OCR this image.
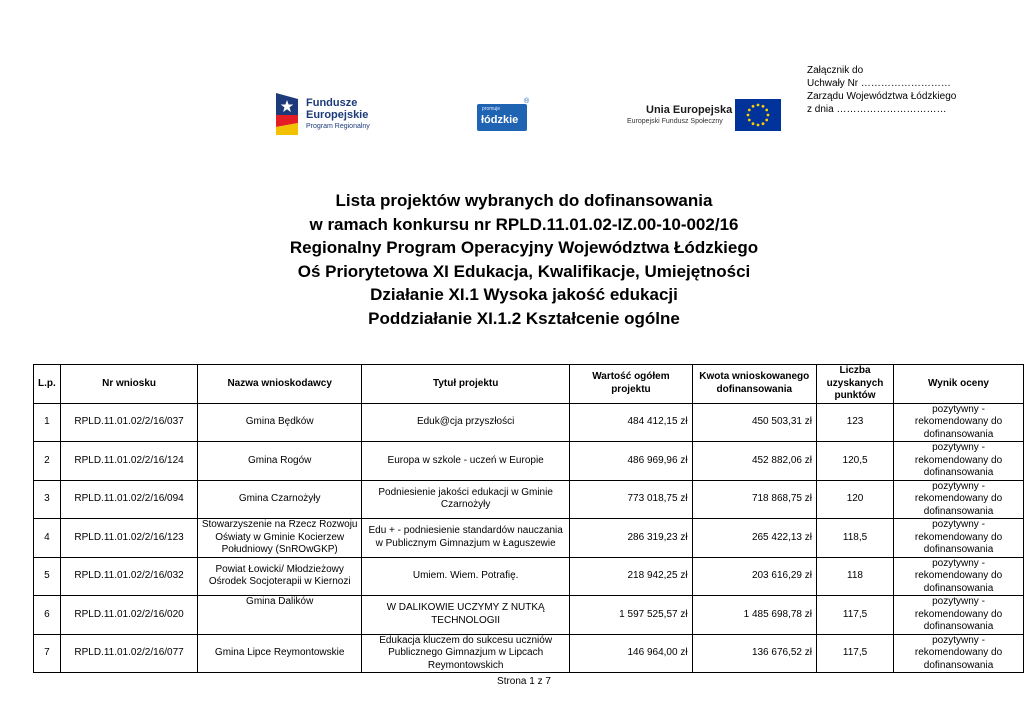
Załącznik do
Uchwały Nr ………………………
Zarządu Województwa Łódzkiego
z dnia ……………………………
Fundusze
Europejskie
Program Regionalny
promuje
łódzkie
®
Unia Europejska
Europejski Fundusz Społeczny
Lista projektów wybranych do dofinansowania
w ramach konkursu nr RPLD.11.01.02-IZ.00-10-002/16
Regionalny Program Operacyjny Województwa Łódzkiego
Oś Priorytetowa XI Edukacja, Kwalifikacje, Umiejętności
Działanie XI.1 Wysoka jakość edukacji
Poddziałanie XI.1.2 Kształcenie ogólne
L.p.	Nr wniosku	Nazwa wnioskodawcy	Tytuł projektu	Wartość ogółem projektu	Kwota wnioskowanego dofinansowania	Liczba uzyskanych punktów	Wynik oceny
1	RPLD.11.01.02/2/16/037	Gmina Będków	Eduk@cja przyszłości	484 412,15 zł	450 503,31 zł	123	pozytywny - rekomendowany do dofinansowania
2	RPLD.11.01.02/2/16/124	Gmina Rogów	Europa w szkole - uczeń w Europie	486 969,96 zł	452 882,06 zł	120,5	pozytywny - rekomendowany do dofinansowania
3	RPLD.11.01.02/2/16/094	Gmina Czarnożyły	Podniesienie jakości edukacji w Gminie Czarnożyły	773 018,75 zł	718 868,75 zł	120	pozytywny - rekomendowany do dofinansowania
4	RPLD.11.01.02/2/16/123	Stowarzyszenie na Rzecz Rozwoju Oświaty w Gminie Kocierzew Południowy (SnROwGKP)	Edu + - podniesienie standardów nauczania w Publicznym Gimnazjum w Łaguszewie	286 319,23 zł	265 422,13 zł	118,5	pozytywny - rekomendowany do dofinansowania
5	RPLD.11.01.02/2/16/032	Powiat Łowicki/ Młodzieżowy Ośrodek Socjoterapii w Kiernozi	Umiem. Wiem. Potrafię.	218 942,25 zł	203 616,29 zł	118	pozytywny - rekomendowany do dofinansowania
6	RPLD.11.01.02/2/16/020	Gmina Dalików	W DALIKOWIE UCZYMY Z NUTKĄ TECHNOLOGII	1 597 525,57 zł	1 485 698,78 zł	117,5	pozytywny - rekomendowany do dofinansowania
7	RPLD.11.01.02/2/16/077	Gmina Lipce Reymontowskie	Edukacja kluczem do sukcesu uczniów Publicznego Gimnazjum w Lipcach Reymontowskich	146 964,00 zł	136 676,52 zł	117,5	pozytywny - rekomendowany do dofinansowania
Strona 1 z 7
